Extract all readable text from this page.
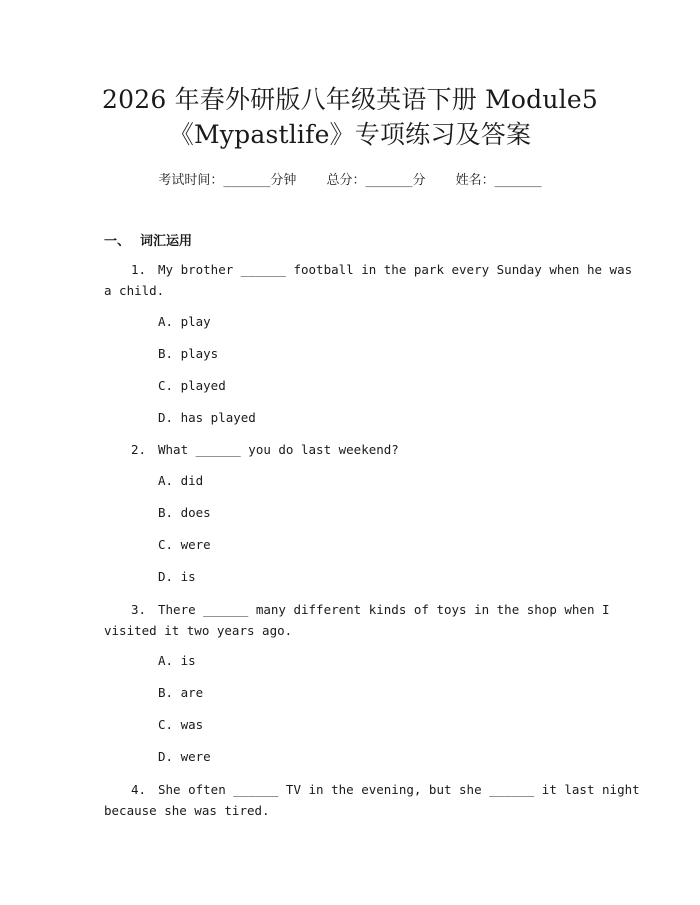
2026 年春外研版八年级英语下册 Module5
《Mypastlife》专项练习及答案
考试时间：______分钟 总分：______分 姓名：______
一、 词汇运用
1. My brother ______ football in the park every Sunday when he was
a child.
A. play
B. plays
C. played
D. has played
2. What ______ you do last weekend?
A. did
B. does
C. were
D. is
3. There ______ many different kinds of toys in the shop when I
visited it two years ago.
A. is
B. are
C. was
D. were
4. She often ______ TV in the evening, but she ______ it last night
because she was tired.
